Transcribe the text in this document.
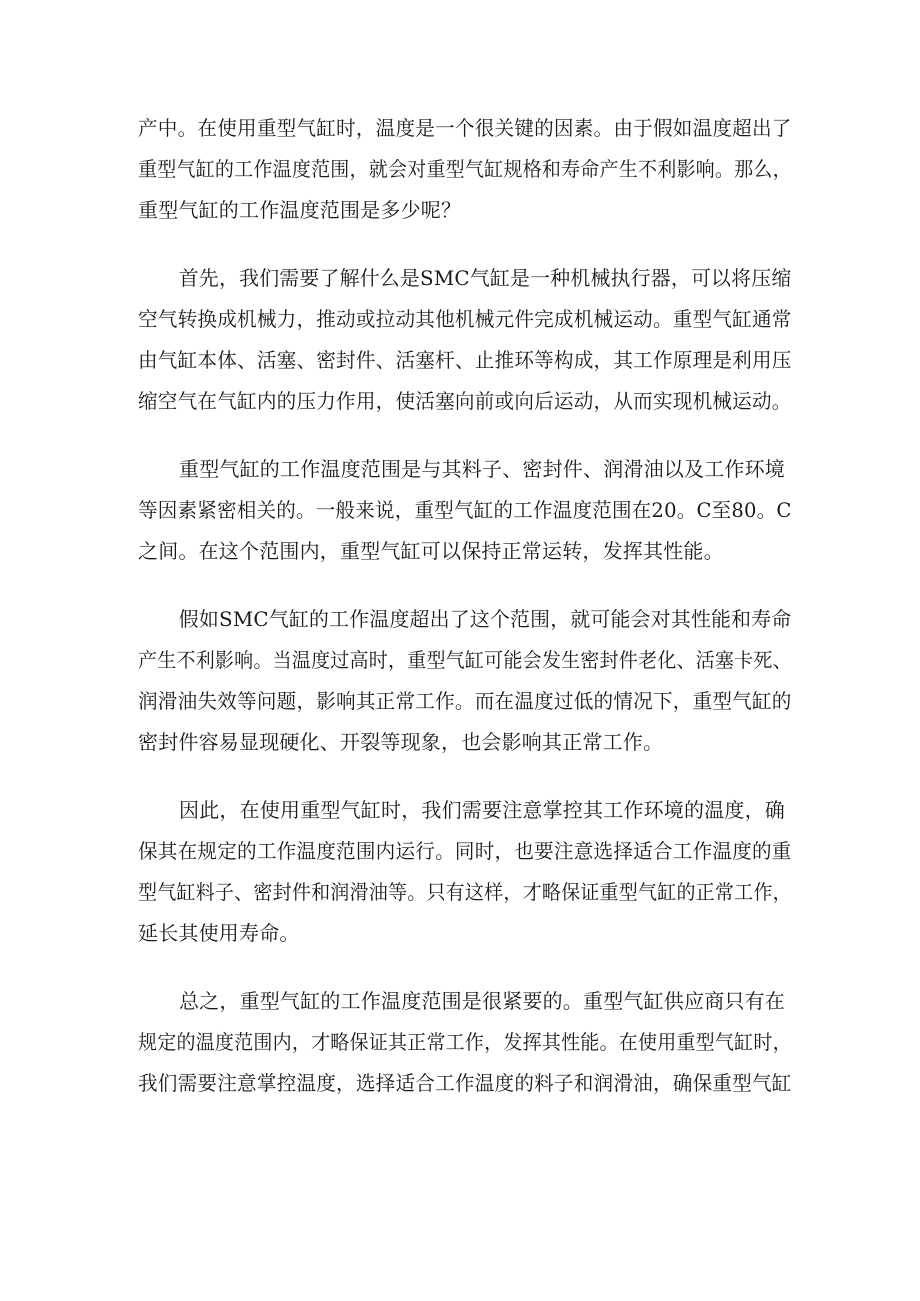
产中。在使用重型气缸时，温度是一个很关键的因素。由于假如温度超出了
重型气缸的工作温度范围，就会对重型气缸规格和寿命产生不利影响。那么，
重型气缸的工作温度范围是多少呢？

首先，我们需要了解什么是SMC气缸是一种机械执行器，可以将压缩
空气转换成机械力，推动或拉动其他机械元件完成机械运动。重型气缸通常
由气缸本体、活塞、密封件、活塞杆、止推环等构成，其工作原理是利用压
缩空气在气缸内的压力作用，使活塞向前或向后运动，从而实现机械运动。

重型气缸的工作温度范围是与其料子、密封件、润滑油以及工作环境
等因素紧密相关的。一般来说，重型气缸的工作温度范围在20。C至80。C
之间。在这个范围内，重型气缸可以保持正常运转，发挥其性能。

假如SMC气缸的工作温度超出了这个范围，就可能会对其性能和寿命
产生不利影响。当温度过高时，重型气缸可能会发生密封件老化、活塞卡死、
润滑油失效等问题，影响其正常工作。而在温度过低的情况下，重型气缸的
密封件容易显现硬化、开裂等现象，也会影响其正常工作。

因此，在使用重型气缸时，我们需要注意掌控其工作环境的温度，确
保其在规定的工作温度范围内运行。同时，也要注意选择适合工作温度的重
型气缸料子、密封件和润滑油等。只有这样，才略保证重型气缸的正常工作，
延长其使用寿命。

总之，重型气缸的工作温度范围是很紧要的。重型气缸供应商只有在
规定的温度范围内，才略保证其正常工作，发挥其性能。在使用重型气缸时，
我们需要注意掌控温度，选择适合工作温度的料子和润滑油，确保重型气缸
